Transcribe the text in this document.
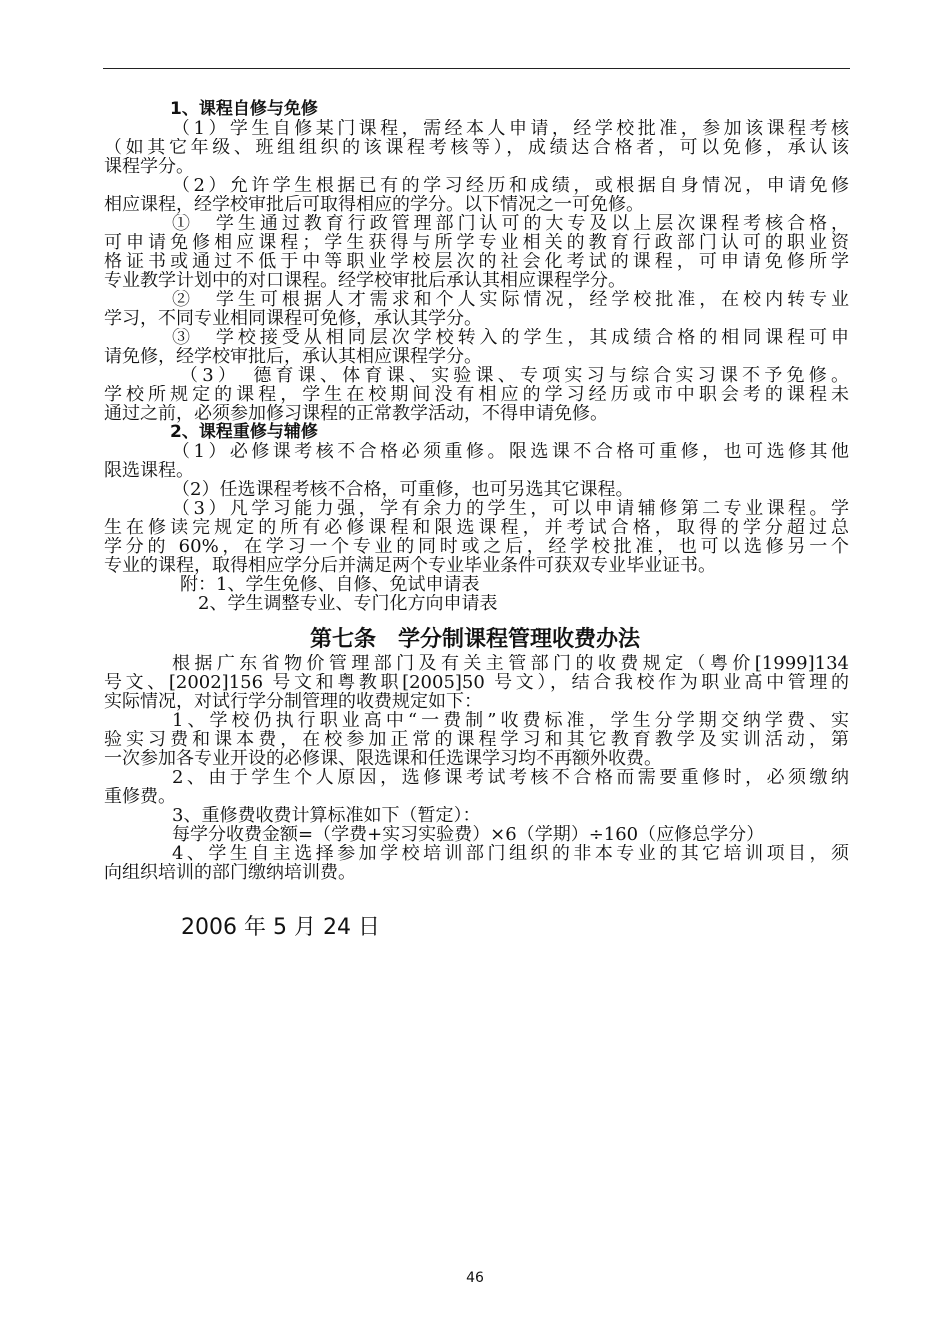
1、课程自修与免修
（1）学生自修某门课程，需经本人申请，经学校批准，参加该课程考核
（如其它年级、班组组织的该课程考核等），成绩达合格者，可以免修，承认该
课程学分。
（2）允许学生根据已有的学习经历和成绩，或根据自身情况，申请免修
相应课程，经学校审批后可取得相应的学分。以下情况之一可免修。
①　学生通过教育行政管理部门认可的大专及以上层次课程考核合格，
可申请免修相应课程；学生获得与所学专业相关的教育行政部门认可的职业资
格证书或通过不低于中等职业学校层次的社会化考试的课程，可申请免修所学
专业教学计划中的对口课程。经学校审批后承认其相应课程学分。
②　学生可根据人才需求和个人实际情况，经学校批准，在校内转专业
学习，不同专业相同课程可免修，承认其学分。
③　学校接受从相同层次学校转入的学生，其成绩合格的相同课程可申
请免修，经学校审批后，承认其相应课程学分。
（3）　德育课、体育课、实验课、专项实习与综合实习课不予免修。
学校所规定的课程，学生在校期间没有相应的学习经历或市中职会考的课程未
通过之前，必须参加修习课程的正常教学活动，不得申请免修。
2、课程重修与辅修
（1）必修课考核不合格必须重修。限选课不合格可重修，也可选修其他
限选课程。
（2）任选课程考核不合格，可重修，也可另选其它课程。
（3）凡学习能力强，学有余力的学生，可以申请辅修第二专业课程。学
生在修读完规定的所有必修课程和限选课程，并考试合格，取得的学分超过总
学分的 60%，在学习一个专业的同时或之后，经学校批准，也可以选修另一个
专业的课程，取得相应学分后并满足两个专业毕业条件可获双专业毕业证书。
附：1、学生免修、自修、免试申请表
2、学生调整专业、专门化方向申请表
第七条　学分制课程管理收费办法
根据广东省物价管理部门及有关主管部门的收费规定（粤价[1999]134
号文、[2002]156 号文和粤教职[2005]50 号文），结合我校作为职业高中管理的
实际情况，对试行学分制管理的收费规定如下：
1、学校仍执行职业高中“一费制”收费标准，学生分学期交纳学费、实
验实习费和课本费，在校参加正常的课程学习和其它教育教学及实训活动，第
一次参加各专业开设的必修课、限选课和任选课学习均不再额外收费。
2、由于学生个人原因，选修课考试考核不合格而需要重修时，必须缴纳
重修费。
3、重修费收费计算标准如下（暂定）：
每学分收费金额=（学费+实习实验费）×6（学期）÷160（应修总学分）
4、学生自主选择参加学校培训部门组织的非本专业的其它培训项目，须
向组织培训的部门缴纳培训费。
2006 年 5 月 24 日
46
